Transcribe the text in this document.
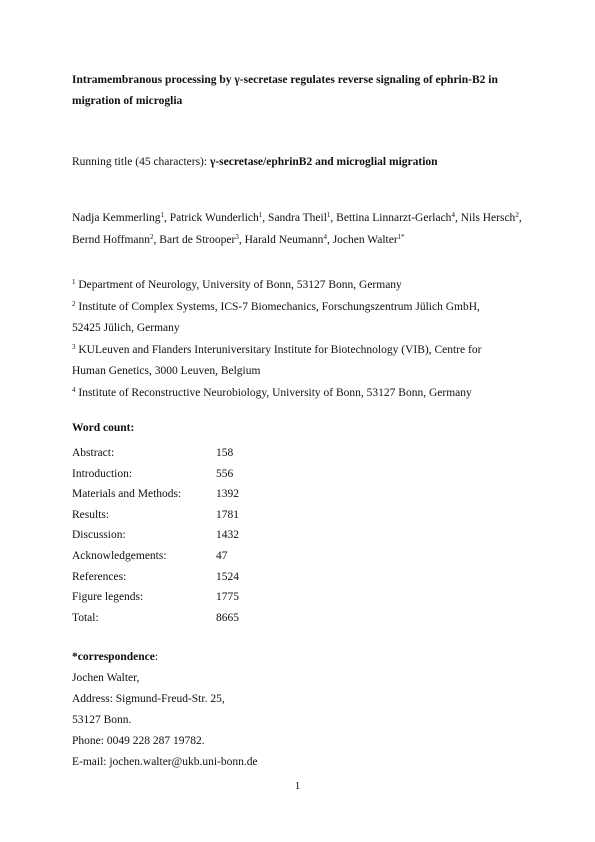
Intramembranous processing by γ-secretase regulates reverse signaling of ephrin-B2 in migration of microglia
Running title (45 characters): γ-secretase/ephrinB2 and microglial migration
Nadja Kemmerling$^1$, Patrick Wunderlich$^1$, Sandra Theil$^1$, Bettina Linnarzt-Gerlach$^4$, Nils Hersch$^2$, Bernd Hoffmann$^2$, Bart de Strooper$^3$, Harald Neumann$^4$, Jochen Walter$^{1*}$
$^1$ Department of Neurology, University of Bonn, 53127 Bonn, Germany
$^2$ Institute of Complex Systems, ICS-7 Biomechanics, Forschungszentrum Jülich GmbH,
52425 Jülich, Germany
$^3$ KULeuven and Flanders Interuniversitary Institute for Biotechnology (VIB), Centre for
Human Genetics, 3000 Leuven, Belgium
$^4$ Institute of Reconstructive Neurobiology, University of Bonn, 53127 Bonn, Germany
Word count:
Abstract:	158
Introduction:	556
Materials and Methods:	1392
Results:	1781
Discussion:	1432
Acknowledgements:	47
References:	1524
Figure legends:	1775
Total:	8665
*correspondence:
Jochen Walter,
Address: Sigmund-Freud-Str. 25,
53127 Bonn.
Phone: 0049 228 287 19782.
E-mail: jochen.walter@ukb.uni-bonn.de
1
